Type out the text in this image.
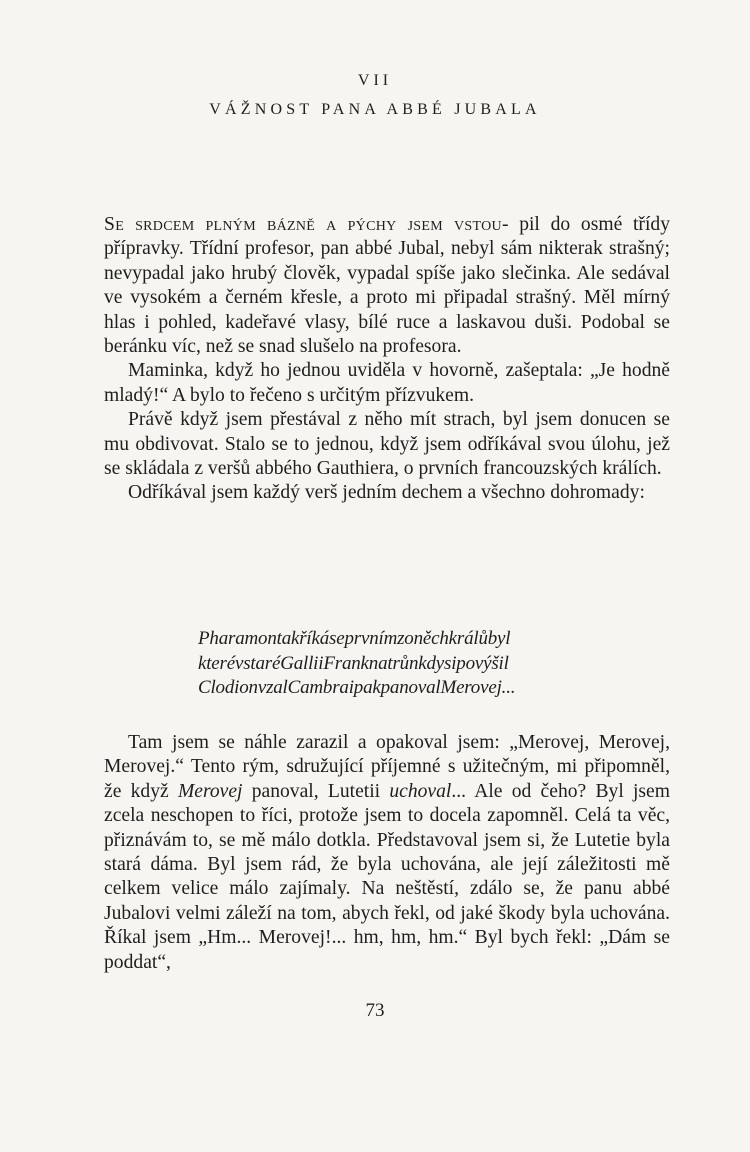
VII
VÁŽNOST PANA ABBÉ JUBALA

Se srdcem plným bázně a pýchy jsem vstou- pil do osmé třídy přípravky. Třídní profesor, pan abbé Jubal, nebyl sám nikterak strašný; nevypadal jako hrubý člověk, vypadal spíše jako slečinka. Ale sedával ve vysokém a černém křesle, a proto mi připadal strašný. Měl mírný hlas i pohled, kadeřavé vlasy, bílé ruce a laskavou duši. Podobal se beránku víc, než se snad slušelo na profesora.

Maminka, když ho jednou uviděla v hovorně, zašeptala: „Je hodně mladý!“ A bylo to řečeno s určitým přízvukem.

Právě když jsem přestával z něho mít strach, byl jsem donucen se mu obdivovat. Stalo se to jednou, když jsem odříkával svou úlohu, jež se skládala z veršů abbého Gauthiera, o prvních francouzských králích.

Odříkával jsem každý verš jedním dechem a všechno dohromady:

Pharamontakříkáseprvnímzoněchkrálůbyl
kterévstaréGalliiFranknatrůnkdysipovýšil
ClodionvzalCambraipakpanovalMerovej...

Tam jsem se náhle zarazil a opakoval jsem: „Merovej, Merovej, Merovej.“ Tento rým, sdružující příjemné s užitečným, mi připomněl, že když Merovej panoval, Lutetii uchoval... Ale od čeho? Byl jsem zcela neschopen to říci, protože jsem to docela zapomněl. Celá ta věc, přiznávám to, se mě málo dotkla. Představoval jsem si, že Lutetie byla stará dáma. Byl jsem rád, že byla uchována, ale její záležitosti mě celkem velice málo zajímaly. Na neštěstí, zdálo se, že panu abbé Jubalovi velmi záleží na tom, abych řekl, od jaké škody byla uchována. Říkal jsem „Hm... Merovej!... hm, hm, hm.“ Byl bych řekl: „Dám se poddat“,

73
